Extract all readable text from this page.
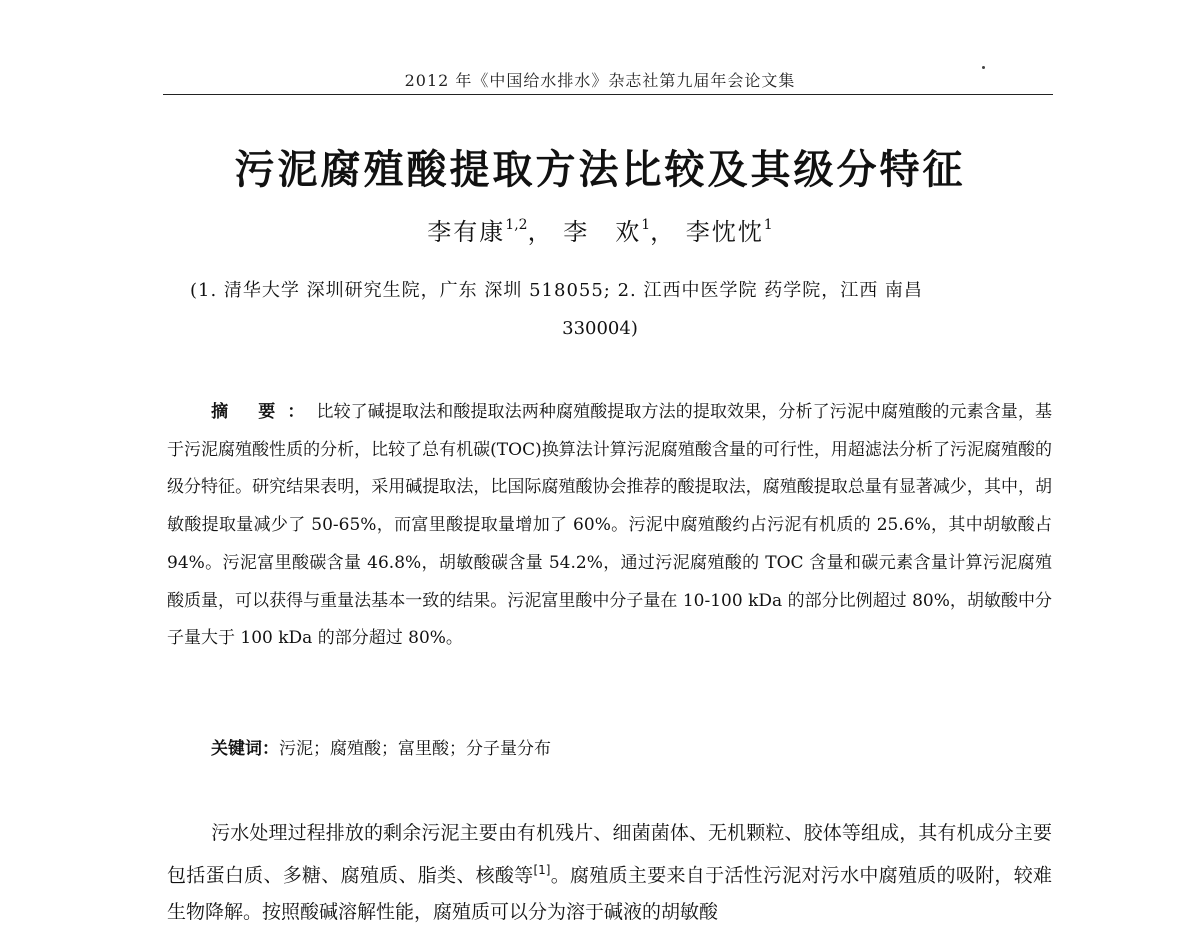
2012 年《中国给水排水》杂志社第九届年会论文集
污泥腐殖酸提取方法比较及其级分特征
李有康$^{1,2}$， 李　欢$^1$， 李忱忱$^1$
(1. 清华大学 深圳研究生院，广东 深圳 518055; 2. 江西中医学院 药学院，江西 南昌
330004)
摘 要：比较了碱提取法和酸提取法两种腐殖酸提取方法的提取效果，分析了污泥中腐殖酸的元素含量，基于污泥腐殖酸性质的分析，比较了总有机碳(TOC)换算法计算污泥腐殖酸含量的可行性，用超滤法分析了污泥腐殖酸的级分特征。研究结果表明，采用碱提取法，比国际腐殖酸协会推荐的酸提取法，腐殖酸提取总量有显著减少，其中，胡敏酸提取量减少了 50-65%，而富里酸提取量增加了 60%。污泥中腐殖酸约占污泥有机质的 25.6%，其中胡敏酸占 94%。污泥富里酸碳含量 46.8%，胡敏酸碳含量 54.2%，通过污泥腐殖酸的 TOC 含量和碳元素含量计算污泥腐殖酸质量，可以获得与重量法基本一致的结果。污泥富里酸中分子量在 10-100 kDa 的部分比例超过 80%，胡敏酸中分子量大于 100 kDa 的部分超过 80%。
关键词：污泥；腐殖酸；富里酸；分子量分布
污水处理过程排放的剩余污泥主要由有机残片、细菌菌体、无机颗粒、胶体等组成，其有机成分主要包括蛋白质、多糖、腐殖质、脂类、核酸等[1]。腐殖质主要来自于活性污泥对污水中腐殖质的吸附，较难生物降解。按照酸碱溶解性能，腐殖质可以分为溶于碱液的胡敏酸
